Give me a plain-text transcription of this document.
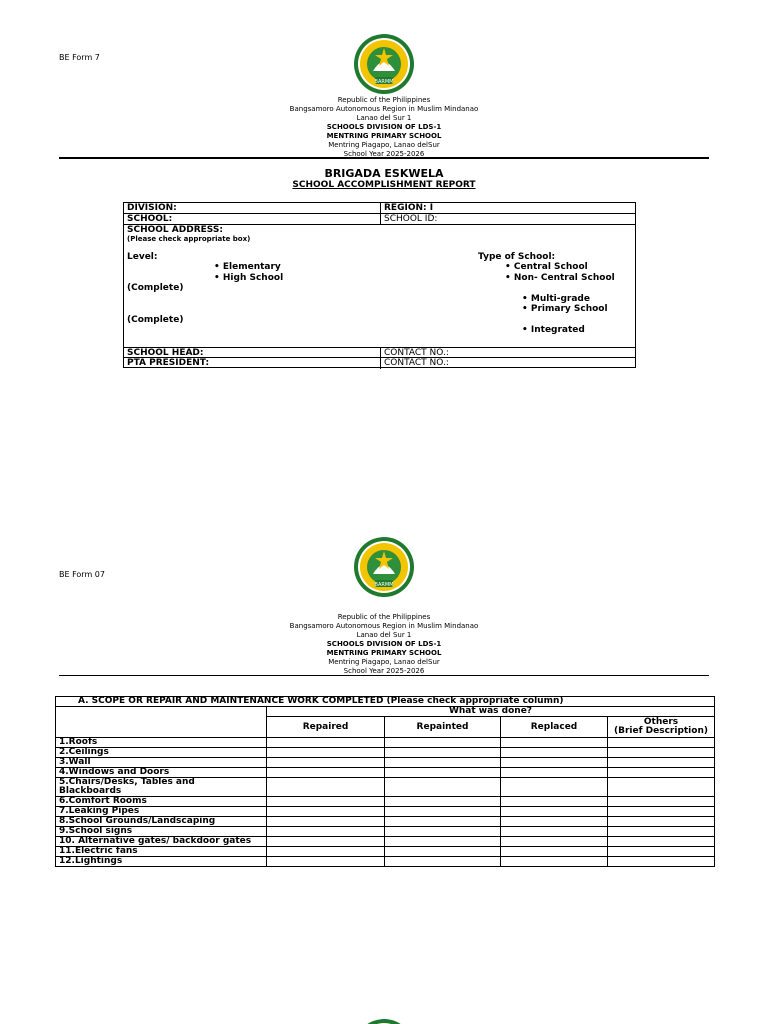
BE Form 7
BARMM
Republic of the Philippines
Bangsamoro Autonomous Region in Muslim Mindanao
Lanao del Sur 1
SCHOOLS DIVISION OF LDS-1
MENTRING PRIMARY SCHOOL
Mentring Piagapo, Lanao delSur
School Year 2025-2026
BRIGADA ESKWELA
SCHOOL ACCOMPLISHMENT REPORT
DIVISION:	REGION: I
SCHOOL:	SCHOOL ID:
SCHOOL ADDRESS:
(Please check appropriate box)
Level:
• Elementary
• High School
(Complete)
(Complete)
Type of School:
• Central School
• Non- Central School
• Multi-grade
• Primary School
• Integrated
SCHOOL HEAD:	CONTACT NO.:
PTA PRESIDENT:	CONTACT NO.:
BE Form 07
BARMM
Republic of the Philippines
Bangsamoro Autonomous Region in Muslim Mindanao
Lanao del Sur 1
SCHOOLS DIVISION OF LDS-1
MENTRING PRIMARY SCHOOL
Mentring Piagapo, Lanao delSur
School Year 2025-2026
A. SCOPE OR REPAIR AND MAINTENANCE WORK COMPLETED (Please check appropriate column)				
	What was done?			
	Repaired	Repainted	Replaced	Others
(Brief Description)

1.Roofs				
2.Ceilings				
3.Wall				
4.Windows and Doors				

5.Chairs/Desks, Tables and
Blackboards				

6.Comfort Rooms				
7.Leaking Pipes				
8.School Grounds/Landscaping				
9.School signs				
10. Alternative gates/ backdoor gates				
11.Electric fans				
12.Lightings				
